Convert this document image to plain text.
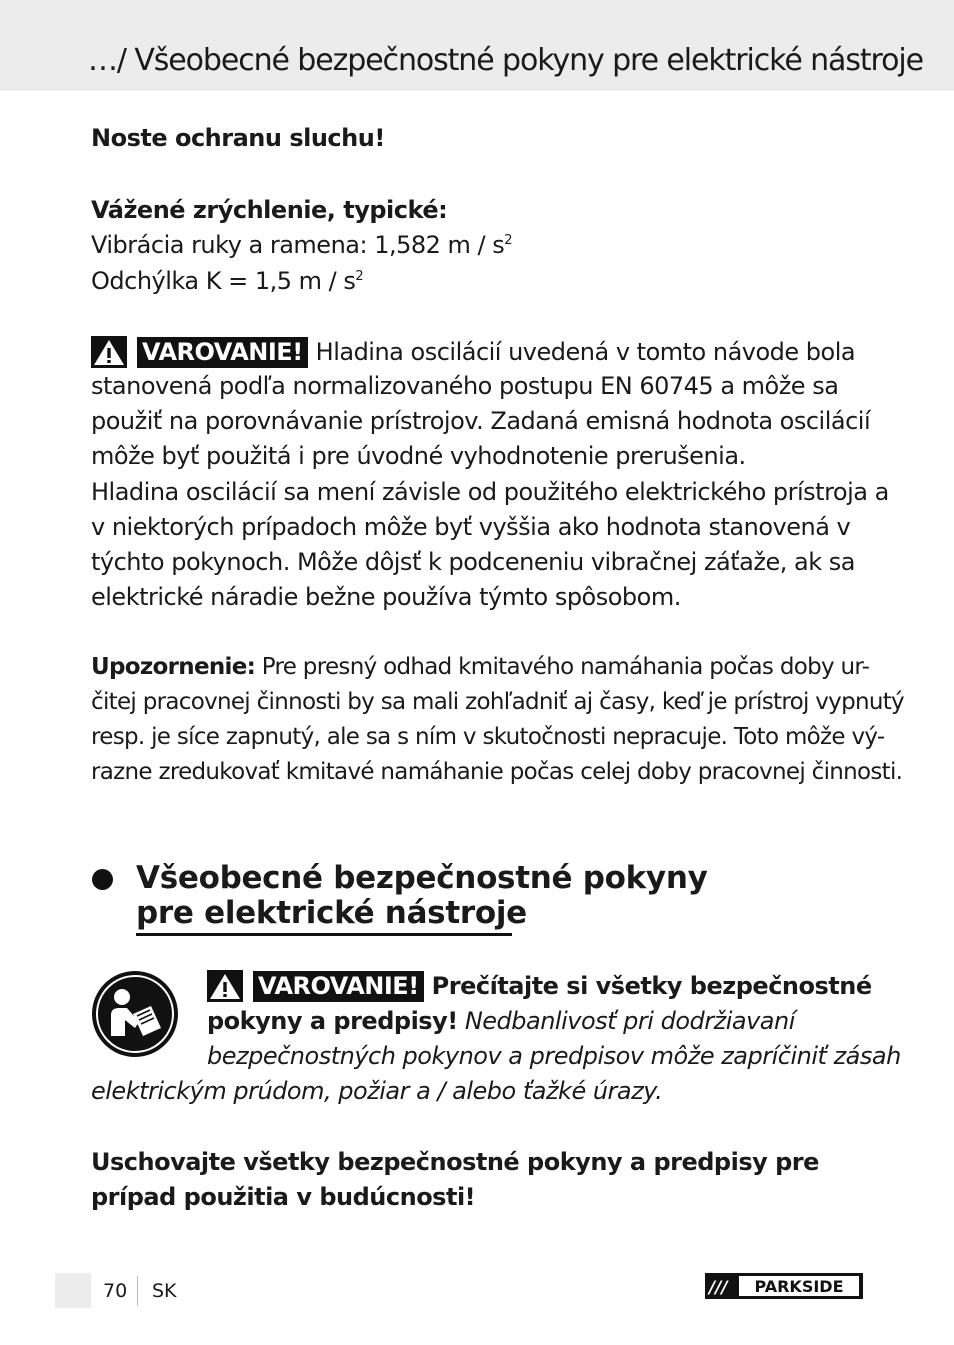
…/ Všeobecné bezpečnostné pokyny pre elektrické nástroje
Noste ochranu sluchu!
Vážené zrýchlenie, typické:
Vibrácia ruky a ramena: 1,582 m / $s^2$
Odchýlka K = 1,5 m / $s^2$
VAROVANIE! Hladina oscilácií uvedená v tomto návode bola
stanovená podľa normalizovaného postupu EN 60745 a môže sa
použiť na porovnávanie prístrojov. Zadaná emisná hodnota oscilácií
môže byť použitá i pre úvodné vyhodnotenie prerušenia.
Hladina oscilácií sa mení závisle od použitého elektrického prístroja a
v niektorých prípadoch môže byť vyššia ako hodnota stanovená v
týchto pokynoch. Môže dôjsť k podceneniu vibračnej záťaže, ak sa
elektrické náradie bežne používa týmto spôsobom.
Upozornenie: Pre presný odhad kmitavého namáhania počas doby ur-
čitej pracovnej činnosti by sa mali zohľadniť aj časy, keď je prístroj vypnutý
resp. je síce zapnutý, ale sa s ním v skutočnosti nepracuje. Toto môže vý-
razne zredukovať kmitavé namáhanie počas celej doby pracovnej činnosti.
Všeobecné bezpečnostné pokyny
pre elektrické nástroje
VAROVANIE! Prečítajte si všetky bezpečnostné
pokyny a predpisy! Nedbanlivosť pri dodržiavaní
bezpečnostných pokynov a predpisov môže zapríčiniť zásah
elektrickým prúdom, požiar a / alebo ťažké úrazy.
Uschovajte všetky bezpečnostné pokyny a predpisy pre
prípad použitia v budúcnosti!
70 SK	/// PARKSIDE
